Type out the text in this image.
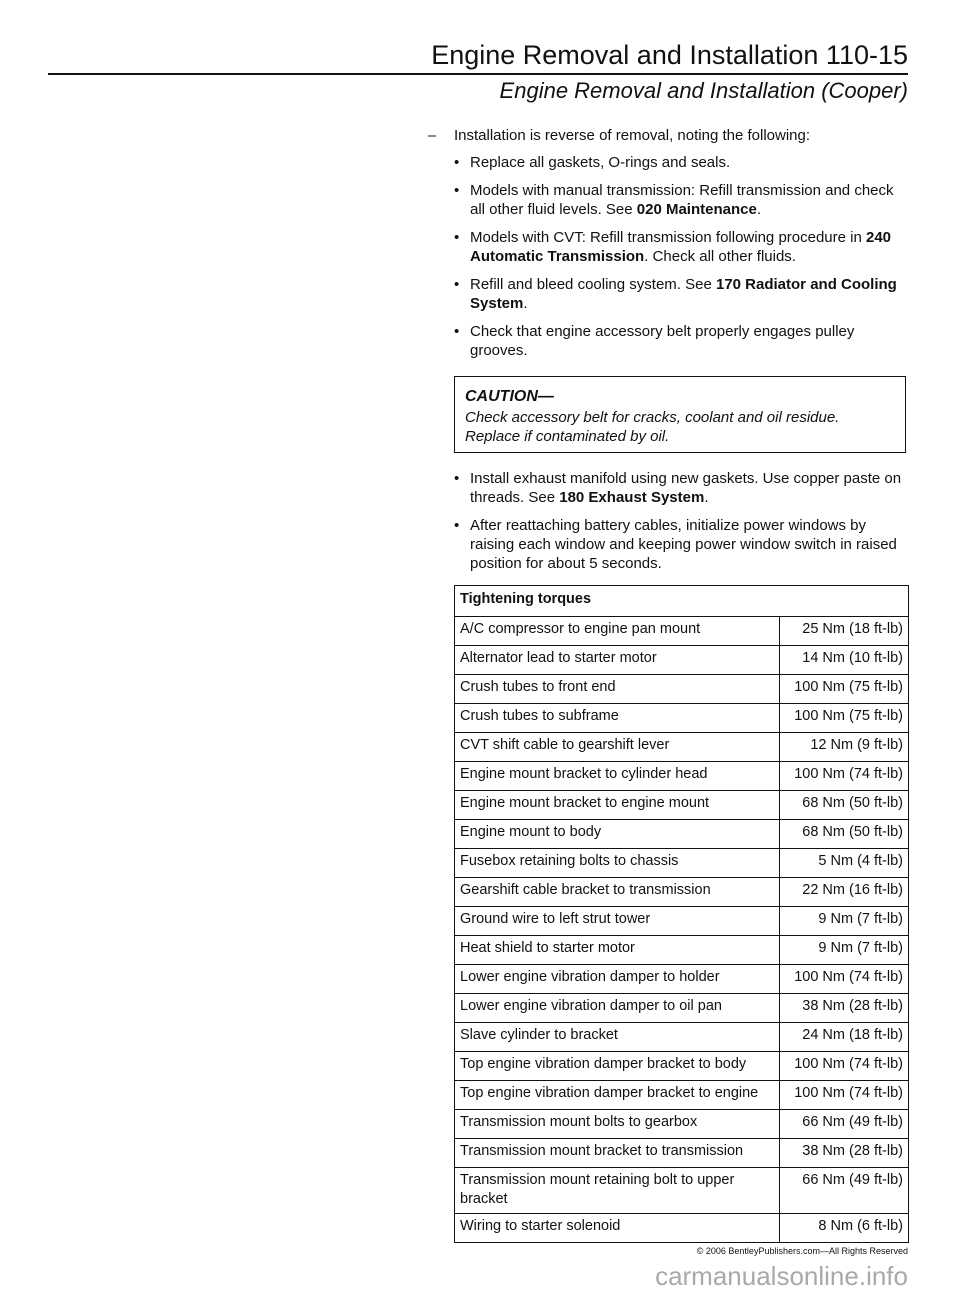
Engine Removal and Installation 110-15
Engine Removal and Installation (Cooper)

– Installation is reverse of removal, noting the following:

• Replace all gaskets, O-rings and seals.
• Models with manual transmission: Refill transmission and check all other fluid levels. See 020 Maintenance.
• Models with CVT: Refill transmission following procedure in 240 Automatic Transmission. Check all other fluids.
• Refill and bleed cooling system. See 170 Radiator and Cooling System.
• Check that engine accessory belt properly engages pulley grooves.
CAUTION—
Check accessory belt for cracks, coolant and oil residue. Replace if contaminated by oil.
• Install exhaust manifold using new gaskets. Use copper paste on threads. See 180 Exhaust System.
• After reattaching battery cables, initialize power windows by raising each window and keeping power window switch in raised position for about 5 seconds.
Tightening torques	
A/C compressor to engine pan mount	25 Nm (18 ft-lb)
Alternator lead to starter motor	14 Nm (10 ft-lb)
Crush tubes to front end	100 Nm (75 ft-lb)
Crush tubes to subframe	100 Nm (75 ft-lb)
CVT shift cable to gearshift lever	12 Nm (9 ft-lb)
Engine mount bracket to cylinder head	100 Nm (74 ft-lb)
Engine mount bracket to engine mount	68 Nm (50 ft-lb)
Engine mount to body	68 Nm (50 ft-lb)
Fusebox retaining bolts to chassis	5 Nm (4 ft-lb)
Gearshift cable bracket to transmission	22 Nm (16 ft-lb)
Ground wire to left strut tower	9 Nm (7 ft-lb)
Heat shield to starter motor	9 Nm (7 ft-lb)
Lower engine vibration damper to holder	100 Nm (74 ft-lb)
Lower engine vibration damper to oil pan	38 Nm (28 ft-lb)
Slave cylinder to bracket	24 Nm (18 ft-lb)
Top engine vibration damper bracket to body	100 Nm (74 ft-lb)
Top engine vibration damper bracket to engine	100 Nm (74 ft-lb)
Transmission mount bolts to gearbox	66 Nm (49 ft-lb)
Transmission mount bracket to transmission	38 Nm (28 ft-lb)
Transmission mount retaining bolt to upper bracket	66 Nm (49 ft-lb)
Wiring to starter solenoid	8 Nm (6 ft-lb)
© 2006 BentleyPublishers.com—All Rights Reserved
carmanualsonline.info
